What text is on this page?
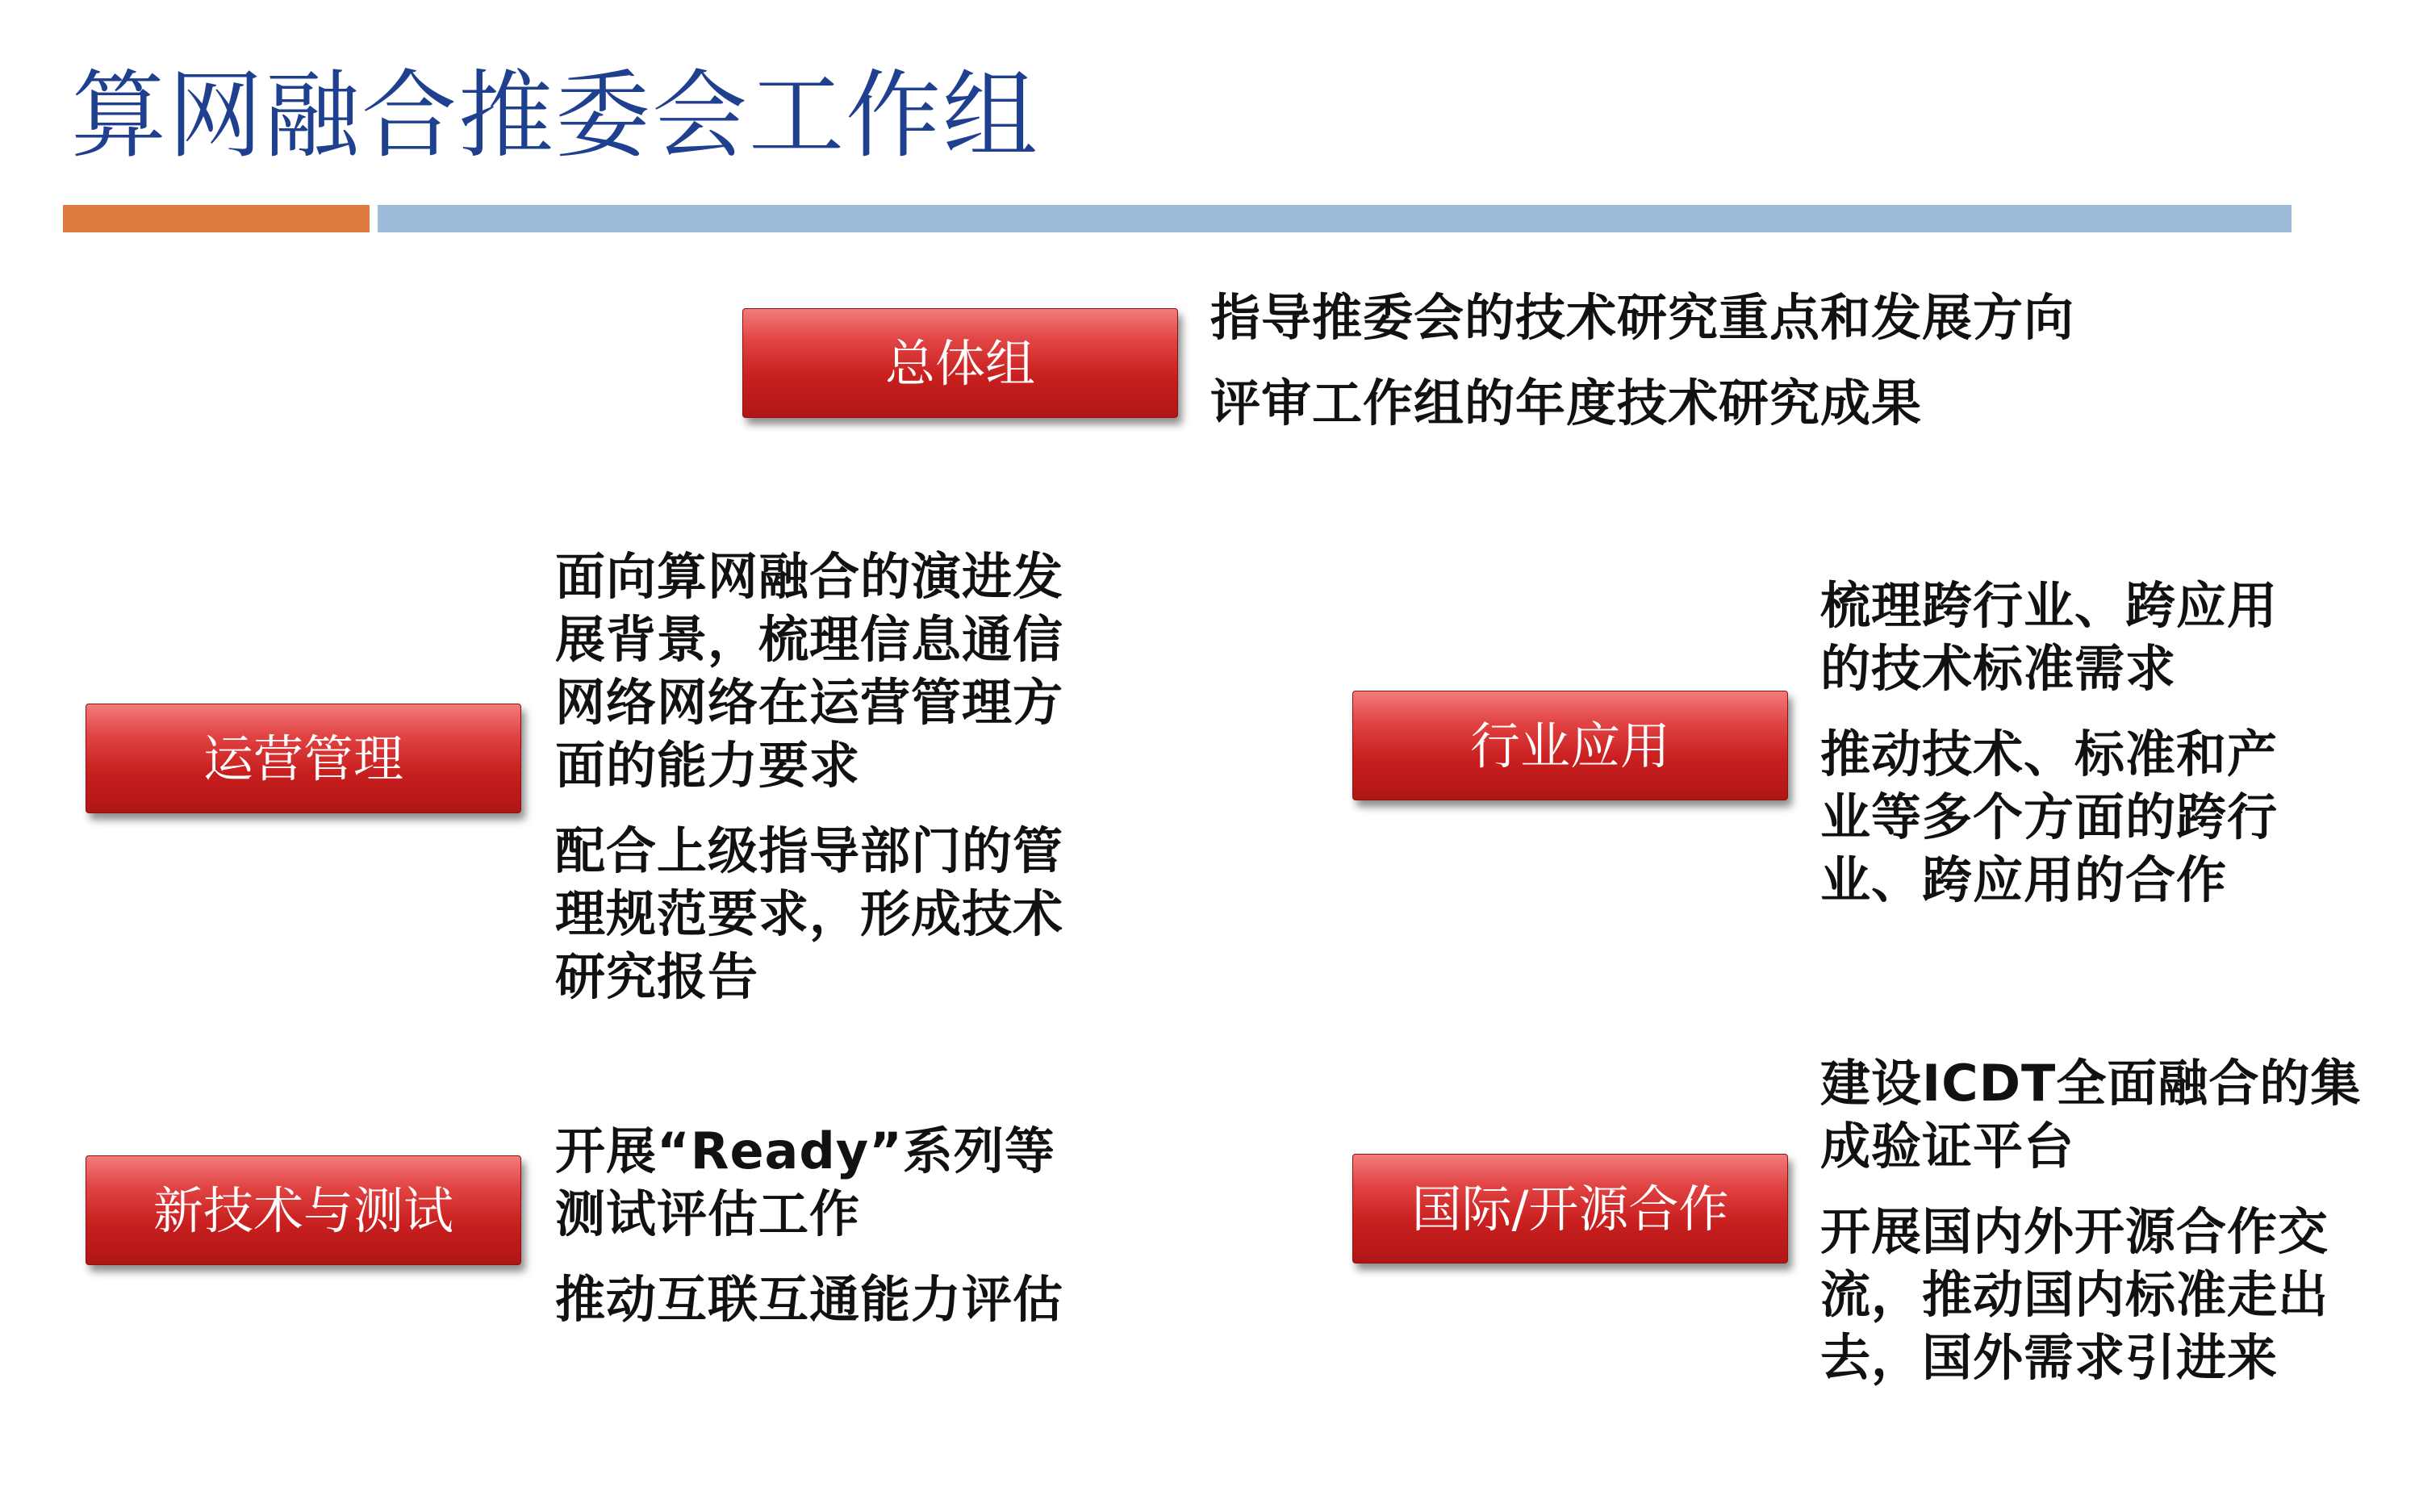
算网融合推委会工作组
总体组
指导推委会的技术研究重点和发展方向
评审工作组的年度技术研究成果
运营管理
面向算网融合的演进发
展背景，梳理信息通信
网络网络在运营管理方
面的能力要求
配合上级指导部门的管
理规范要求，形成技术
研究报告
新技术与测试
开展“Ready”系列等
测试评估工作
推动互联互通能力评估
行业应用
梳理跨行业、跨应用
的技术标准需求
推动技术、标准和产
业等多个方面的跨行
业、跨应用的合作
国际/开源合作
建设ICDT全面融合的集
成验证平台
开展国内外开源合作交
流，推动国内标准走出
去，国外需求引进来
